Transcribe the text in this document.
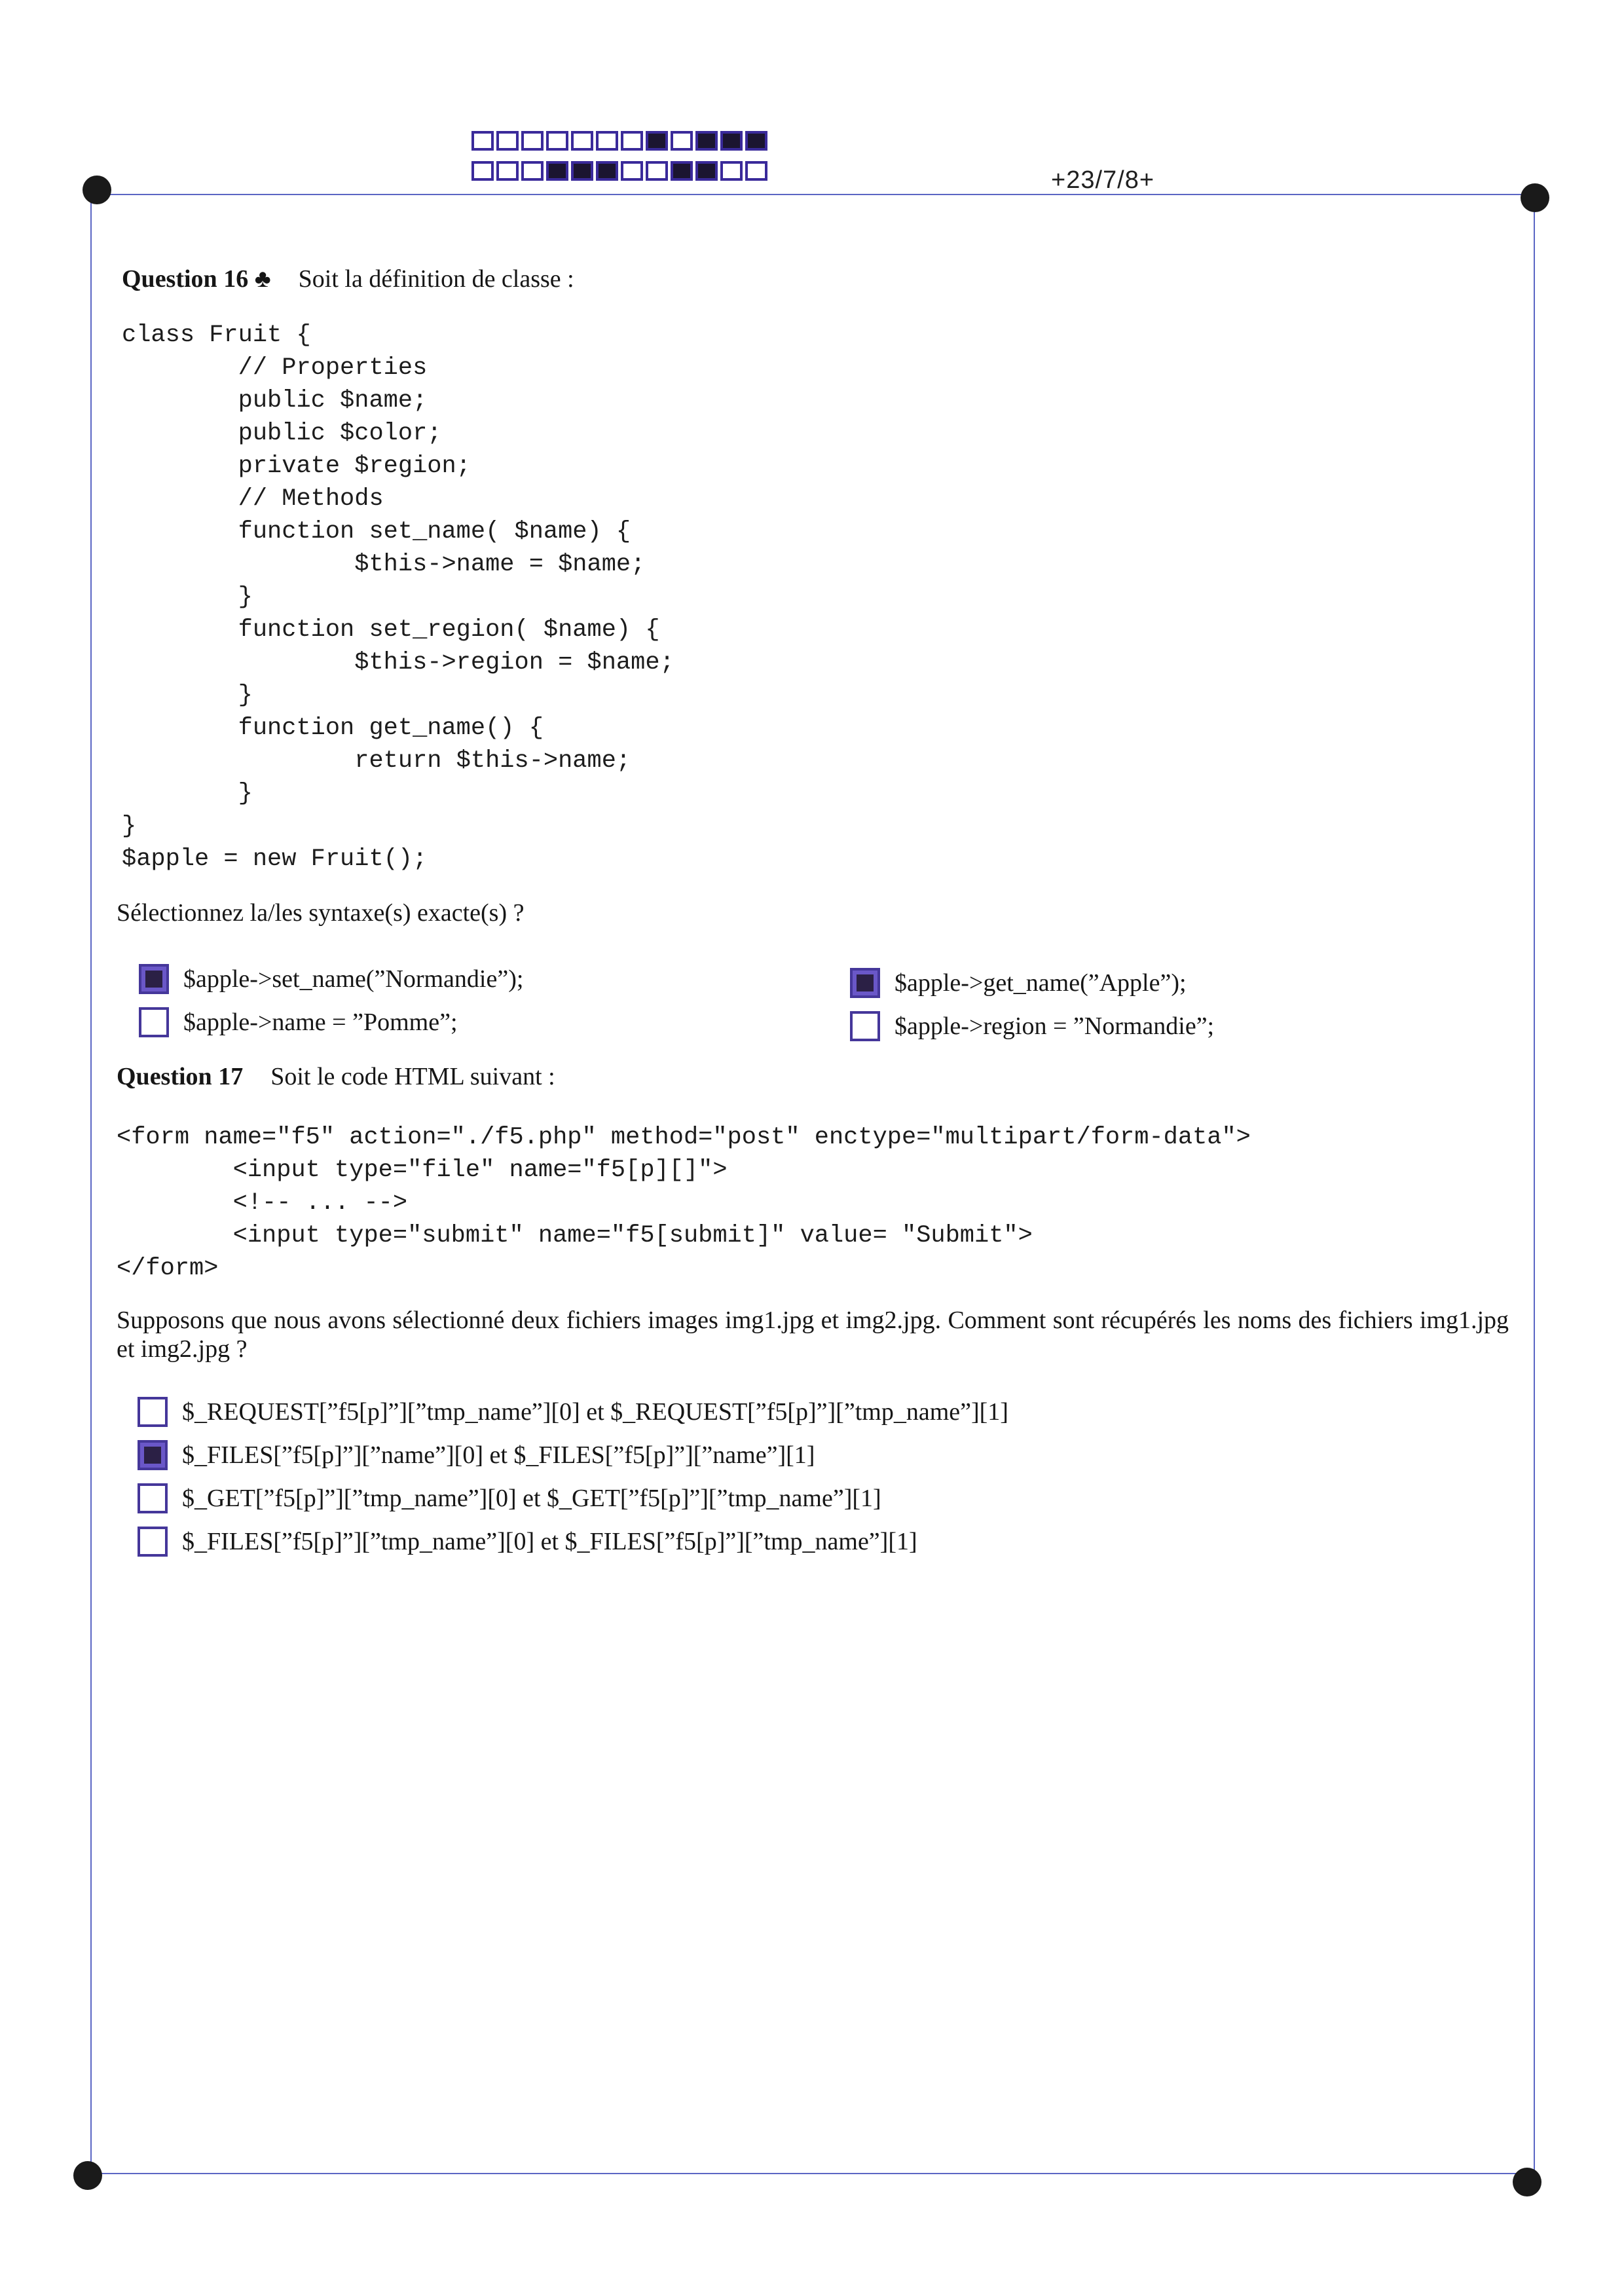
+23/7/8+
Question 16 ♣ Soit la définition de classe :
class Fruit {
// Properties
public $name;
public $color;
private $region;
// Methods
function set_name( $name) {
$this->name = $name;
}
function set_region( $name) {
$this->region = $name;
}
function get_name() {
return $this->name;
}
}
$apple = new Fruit();
Sélectionnez la/les syntaxe(s) exacte(s) ?
$apple->set_name(”Normandie”);
$apple->name = ”Pomme”;
$apple->get_name(”Apple”);
$apple->region = ”Normandie”;
Question 17 Soit le code HTML suivant :
<form name="f5" action="./f5.php" method="post" enctype="multipart/form-data">
<input type="file" name="f5[p][]">
<!-- ... -->
<input type="submit" name="f5[submit]" value= "Submit">
</form>
Supposons que nous avons sélectionné deux fichiers images img1.jpg et img2.jpg. Comment sont récupérés les noms des fichiers img1.jpg et img2.jpg ?
$_REQUEST[”f5[p]”][”tmp_name”][0] et $_REQUEST[”f5[p]”][”tmp_name”][1]
$_FILES[”f5[p]”][”name”][0] et $_FILES[”f5[p]”][”name”][1]
$_GET[”f5[p]”][”tmp_name”][0] et $_GET[”f5[p]”][”tmp_name”][1]
$_FILES[”f5[p]”][”tmp_name”][0] et $_FILES[”f5[p]”][”tmp_name”][1]
